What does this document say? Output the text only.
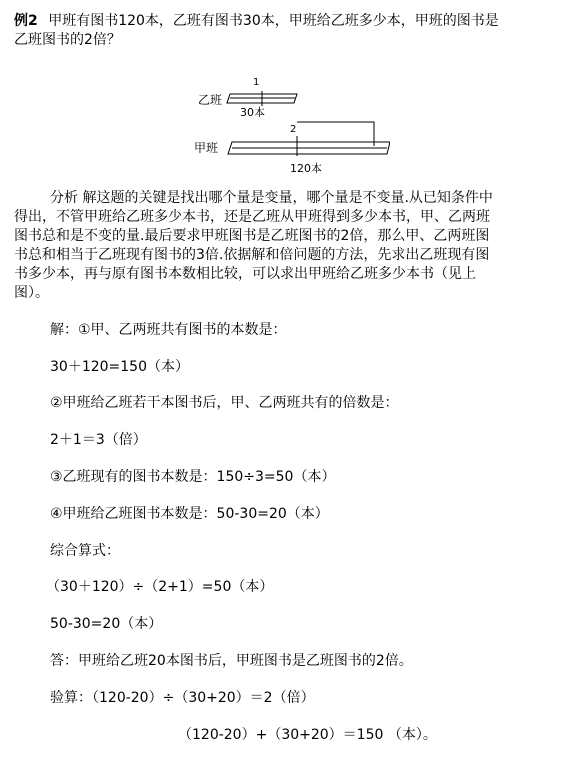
例2 甲班有图书120本，乙班有图书30本，甲班给乙班多少本，甲班的图书是
乙班图书的2倍？
乙班
1
30本
2
甲班
120本
分析 解这题的关键是找出哪个量是变量，哪个量是不变量.从已知条件中
得出，不管甲班给乙班多少本书，还是乙班从甲班得到多少本书，甲、乙两班
图书总和是不变的量.最后要求甲班图书是乙班图书的2倍，那么甲、乙两班图
书总和相当于乙班现有图书的3倍.依据解和倍问题的方法，先求出乙班现有图
书多少本，再与原有图书本数相比较，可以求出甲班给乙班多少本书（见上
图）。
解：①甲、乙两班共有图书的本数是：
30＋120=150（本）
②甲班给乙班若干本图书后，甲、乙两班共有的倍数是：
2＋1＝3（倍）
③乙班现有的图书本数是：150÷3=50（本）
④甲班给乙班图书本数是：50-30=20（本）
综合算式：
（30＋120）÷（2+1）=50（本）
50-30=20（本）
答：甲班给乙班20本图书后，甲班图书是乙班图书的2倍。
验算：（120-20）÷（30+20）＝2（倍）
（120-20）+（30+20）＝150 （本）。
